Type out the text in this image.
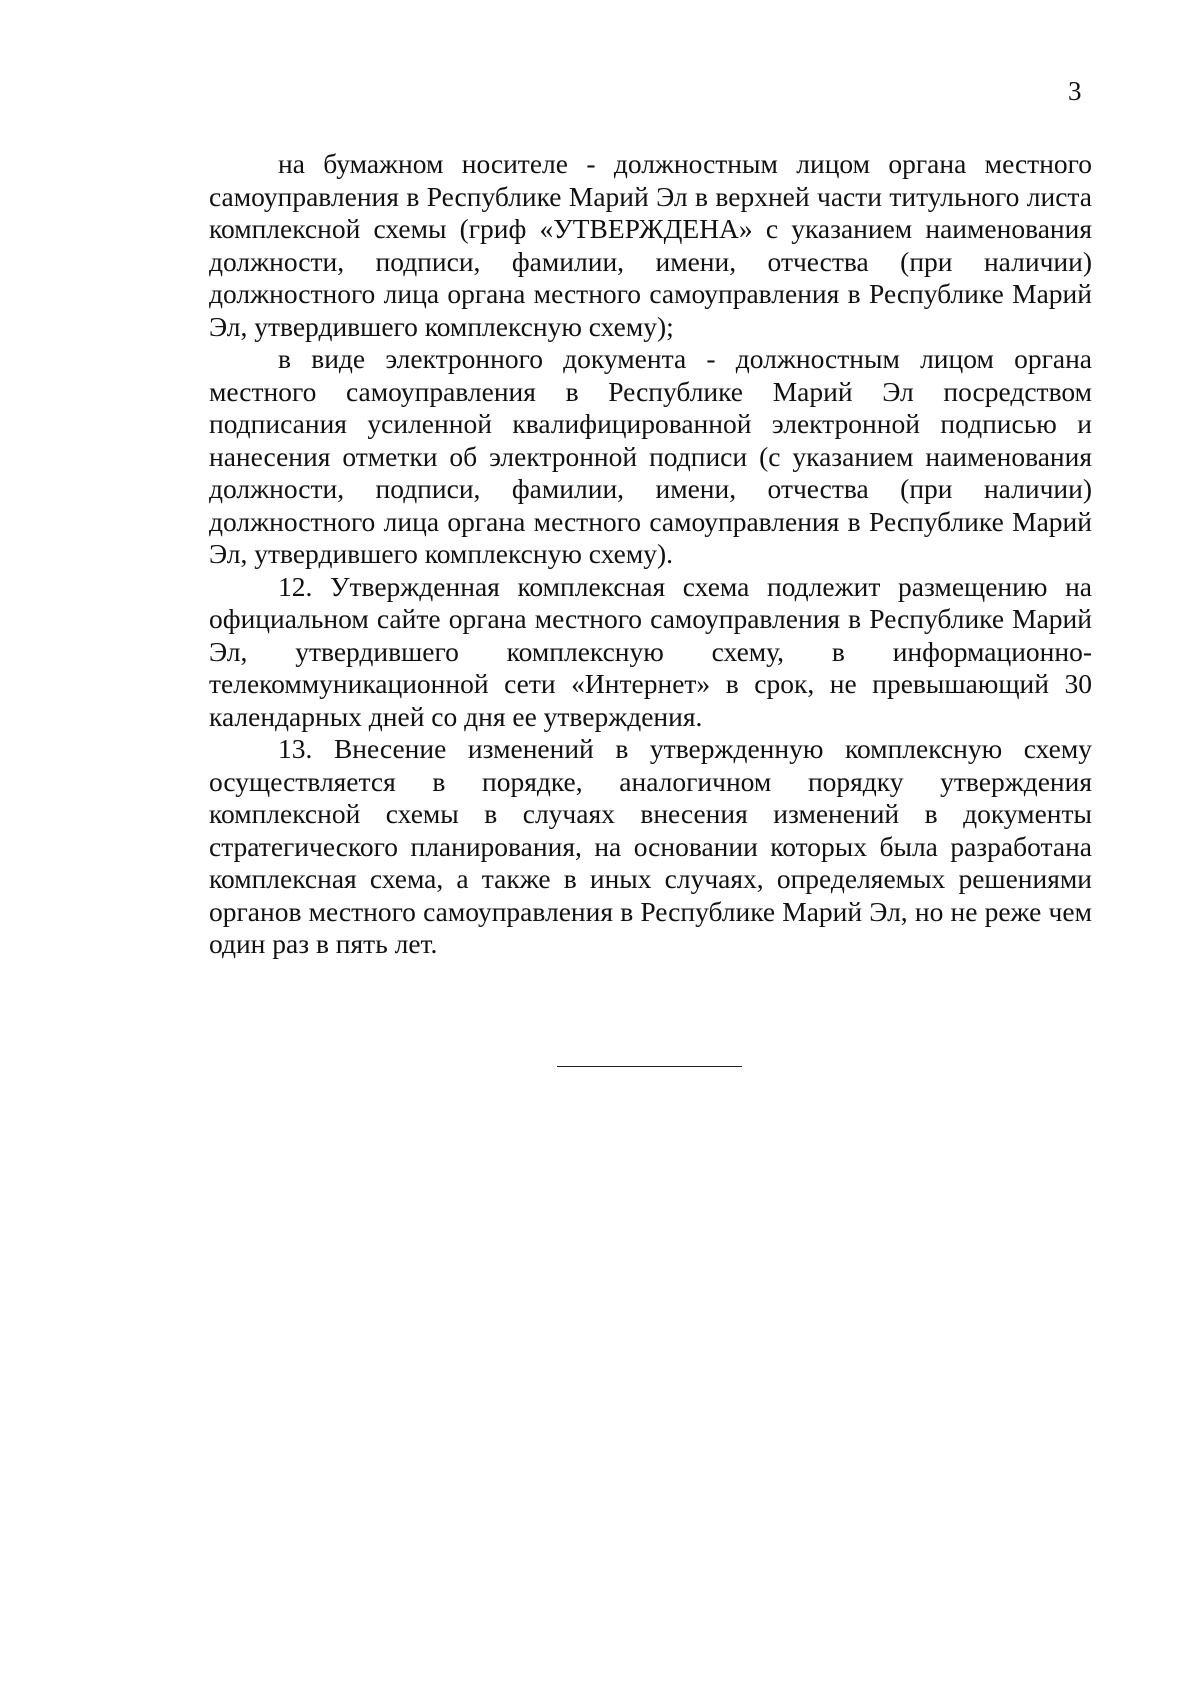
3

на бумажном носителе - должностным лицом органа местного самоуправления в Республике Марий Эл в верхней части титульного листа комплексной схемы (гриф «УТВЕРЖДЕНА» с указанием наименования должности, подписи, фамилии, имени, отчества (при наличии) должностного лица органа местного самоуправления в Республике Марий Эл, утвердившего комплексную схему);

в виде электронного документа - должностным лицом органа местного самоуправления в Республике Марий Эл посредством подписания усиленной квалифицированной электронной подписью и нанесения отметки об электронной подписи (с указанием наименования должности, подписи, фамилии, имени, отчества (при наличии) должностного лица органа местного самоуправления в Республике Марий Эл, утвердившего комплексную схему).

12. Утвержденная комплексная схема подлежит размещению на официальном сайте органа местного самоуправления в Республике Марий Эл, утвердившего комплексную схему, в информационно-телекоммуникационной сети «Интернет» в срок, не превышающий 30 календарных дней со дня ее утверждения.

13. Внесение изменений в утвержденную комплексную схему осуществляется в порядке, аналогичном порядку утверждения комплексной схемы в случаях внесения изменений в документы стратегического планирования, на основании которых была разработана комплексная схема, а также в иных случаях, определяемых решениями органов местного самоуправления в Республике Марий Эл, но не реже чем один раз в пять лет.
